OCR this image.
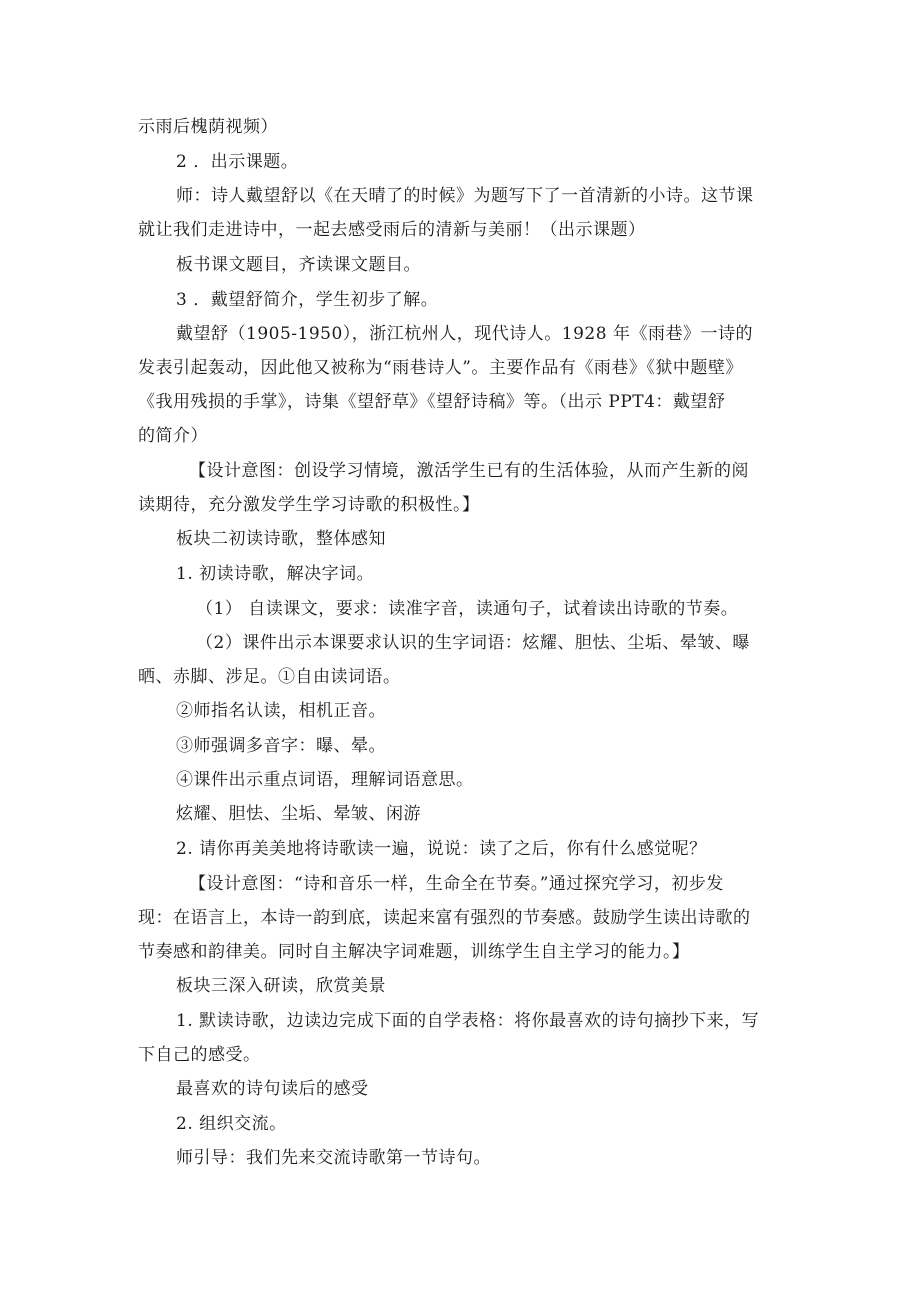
示雨后槐荫视频）
2 ．出示课题。
师：诗人戴望舒以《在天晴了的时候》为题写下了一首清新的小诗。这节课
就让我们走进诗中，一起去感受雨后的清新与美丽！（出示课题）
板书课文题目，齐读课文题目。
3 ．戴望舒简介，学生初步了解。
戴望舒（1905-1950），浙江杭州人，现代诗人。1928 年《雨巷》一诗的
发表引起轰动，因此他又被称为“雨巷诗人”。主要作品有《雨巷》《狱中题壁》
《我用残损的手掌》，诗集《望舒草》《望舒诗稿》等。（出示 PPT4：戴望舒
的简介）
【设计意图：创设学习情境，激活学生已有的生活体验，从而产生新的阅
读期待，充分激发学生学习诗歌的积极性。】
板块二初读诗歌，整体感知
1. 初读诗歌，解决字词。
（1） 自读课文，要求：读准字音，读通句子，试着读出诗歌的节奏。
（2）课件出示本课要求认识的生字词语：炫耀、胆怯、尘垢、晕皱、曝
晒、赤脚、涉足。①自由读词语。
②师指名认读，相机正音。
③师强调多音字：曝、晕。
④课件出示重点词语，理解词语意思。
炫耀、胆怯、尘垢、晕皱、闲游
2. 请你再美美地将诗歌读一遍，说说：读了之后，你有什么感觉呢？
【设计意图：“诗和音乐一样，生命全在节奏。”通过探究学习，初步发
现：在语言上，本诗一韵到底，读起来富有强烈的节奏感。鼓励学生读出诗歌的
节奏感和韵律美。同时自主解决字词难题，训练学生自主学习的能力。】
板块三深入研读，欣赏美景
1. 默读诗歌，边读边完成下面的自学表格：将你最喜欢的诗句摘抄下来，写
下自己的感受。
最喜欢的诗句读后的感受
2. 组织交流。
师引导：我们先来交流诗歌第一节诗句。
